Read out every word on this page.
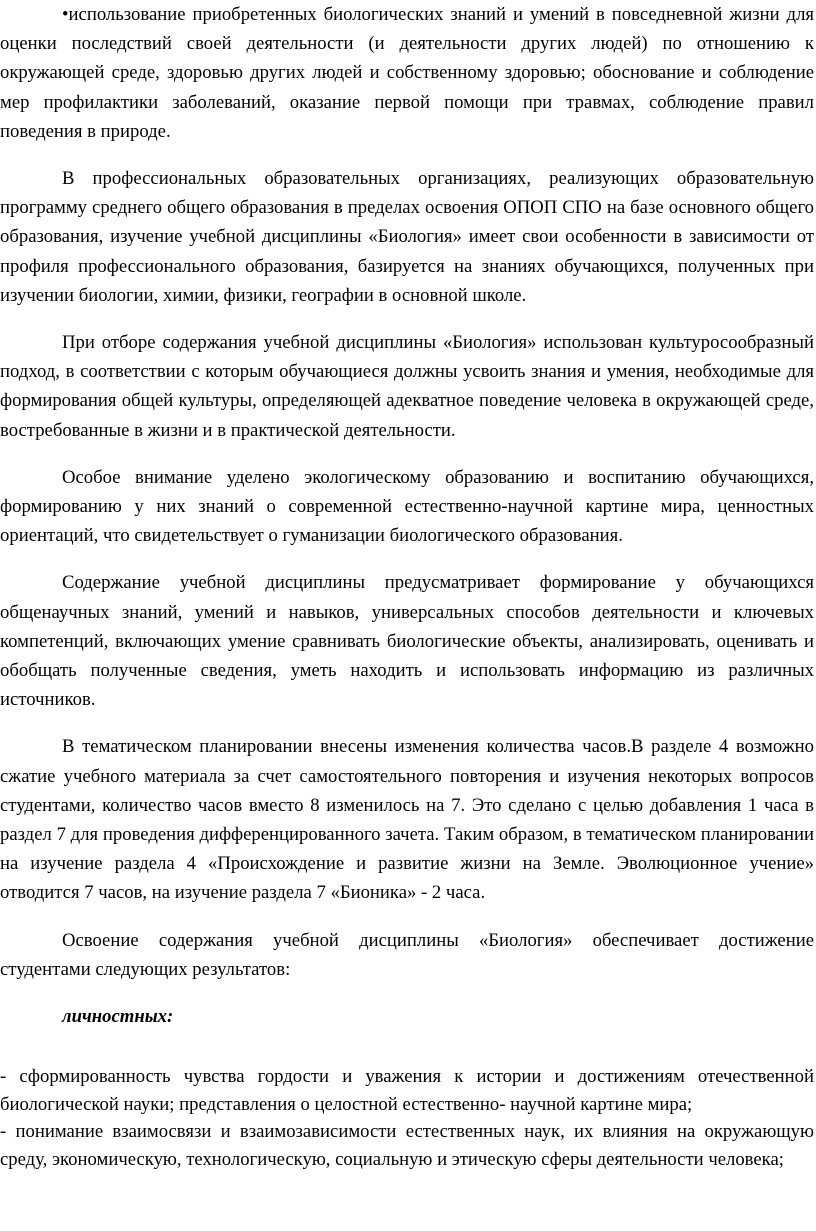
•использование приобретенных биологических знаний и умений в повседневной жизни для оценки последствий своей деятельности (и деятельности других людей) по отношению к окружающей среде, здоровью других людей и собственному здоровью; обоснование и соблюдение мер профилактики заболеваний, оказание первой помощи при травмах, соблюдение правил поведения в природе.

В профессиональных образовательных организациях, реализующих образовательную программу среднего общего образования в пределах освоения ОПОП СПО на базе основного общего образования, изучение учебной дисциплины «Биология» имеет свои особенности в зависимости от профиля профессионального образования, базируется на знаниях обучающихся, полученных при изучении биологии, химии, физики, географии в основной школе.

При отборе содержания учебной дисциплины «Биология» использован культуросообразный подход, в соответствии с которым обучающиеся должны усвоить знания и умения, необходимые для формирования общей культуры, определяющей адекватное поведение человека в окружающей среде, востребованные в жизни и в практической деятельности.

Особое внимание уделено экологическому образованию и воспитанию обучающихся, формированию у них знаний о современной естественно-научной картине мира, ценностных ориентаций, что свидетельствует о гуманизации биологического образования.

Содержание учебной дисциплины предусматривает формирование у обучающихся общенаучных знаний, умений и навыков, универсальных способов деятельности и ключевых компетенций, включающих умение сравнивать биологические объекты, анализировать, оценивать и обобщать полученные сведения, уметь находить и использовать информацию из различных источников.

В тематическом планировании внесены изменения количества часов.В разделе 4 возможно сжатие учебного материала за счет самостоятельного повторения и изучения некоторых вопросов студентами, количество часов вместо 8 изменилось на 7. Это сделано с целью добавления 1 часа в раздел 7 для проведения дифференцированного зачета. Таким образом, в тематическом планировании на изучение раздела 4 «Происхождение и развитие жизни на Земле. Эволюционное учение» отводится 7 часов, на изучение раздела 7 «Бионика» - 2 часа.

Освоение содержания учебной дисциплины «Биология» обеспечивает достижение студентами следующих результатов:

личностных:

- сформированность чувства гордости и уважения к истории и достижениям отечественной биологической науки; представления о целостной естественно- научной картине мира;

- понимание взаимосвязи и взаимозависимости естественных наук, их влияния на окружающую среду, экономическую, технологическую, социальную и этическую сферы деятельности человека;
